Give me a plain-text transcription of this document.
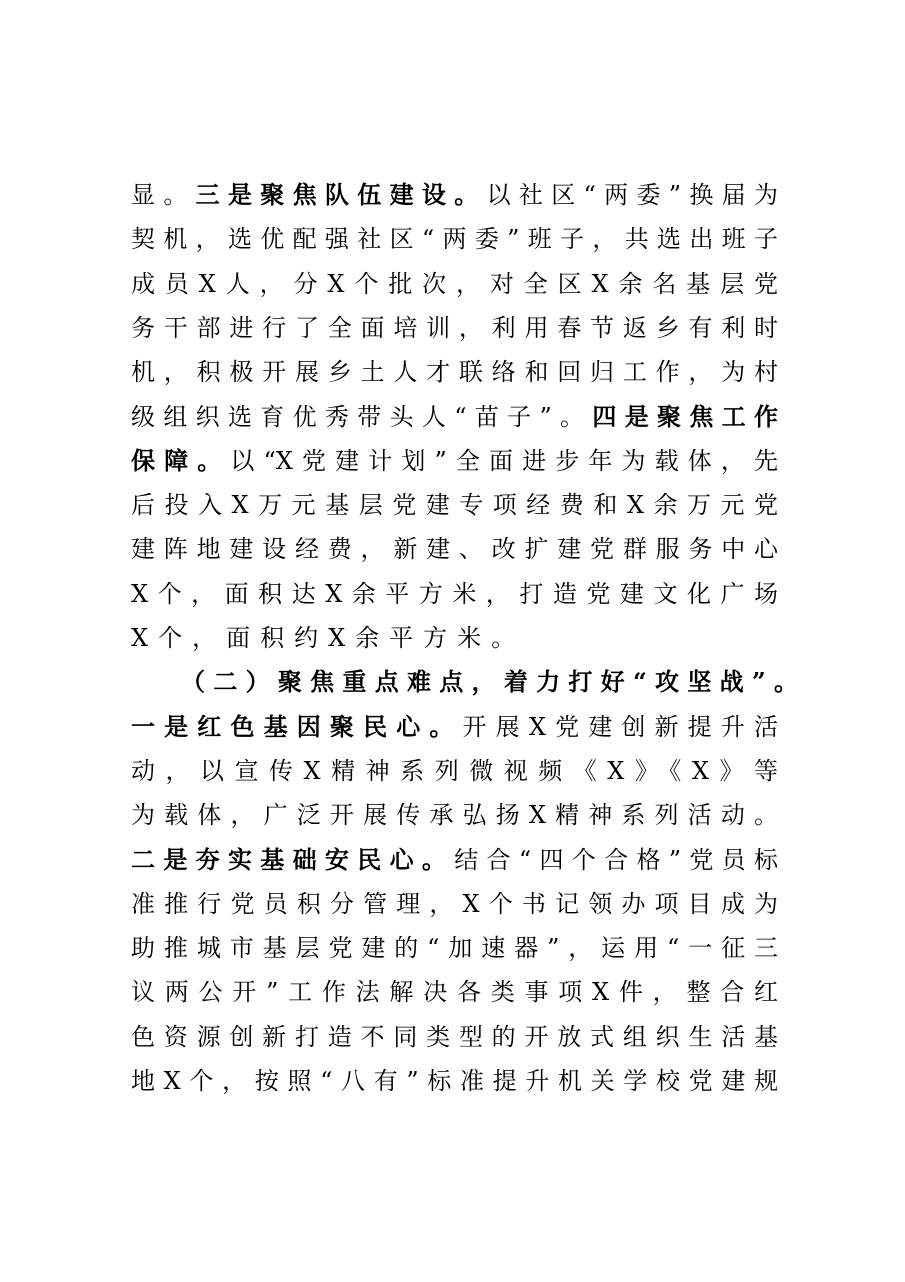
显。三是聚焦队伍建设。以社区“两委”换届为
契机，选优配强社区“两委”班子，共选出班子
成员X人，分X个批次，对全区X余名基层党
务干部进行了全面培训，利用春节返乡有利时
机，积极开展乡土人才联络和回归工作，为村
级组织选育优秀带头人“苗子”。四是聚焦工作
保障。以“X党建计划”全面进步年为载体，先
后投入X万元基层党建专项经费和X余万元党
建阵地建设经费，新建、改扩建党群服务中心
X个，面积达X余平方米，打造党建文化广场
X个，面积约X余平方米。
（二）聚焦重点难点，着力打好“攻坚战”。
一是红色基因聚民心。开展X党建创新提升活
动，以宣传X精神系列微视频《X》《X》等
为载体，广泛开展传承弘扬X精神系列活动。
二是夯实基础安民心。结合“四个合格”党员标
准推行党员积分管理，X个书记领办项目成为
助推城市基层党建的“加速器”，运用“一征三
议两公开”工作法解决各类事项X件，整合红
色资源创新打造不同类型的开放式组织生活基
地X个，按照“八有”标准提升机关学校党建规
